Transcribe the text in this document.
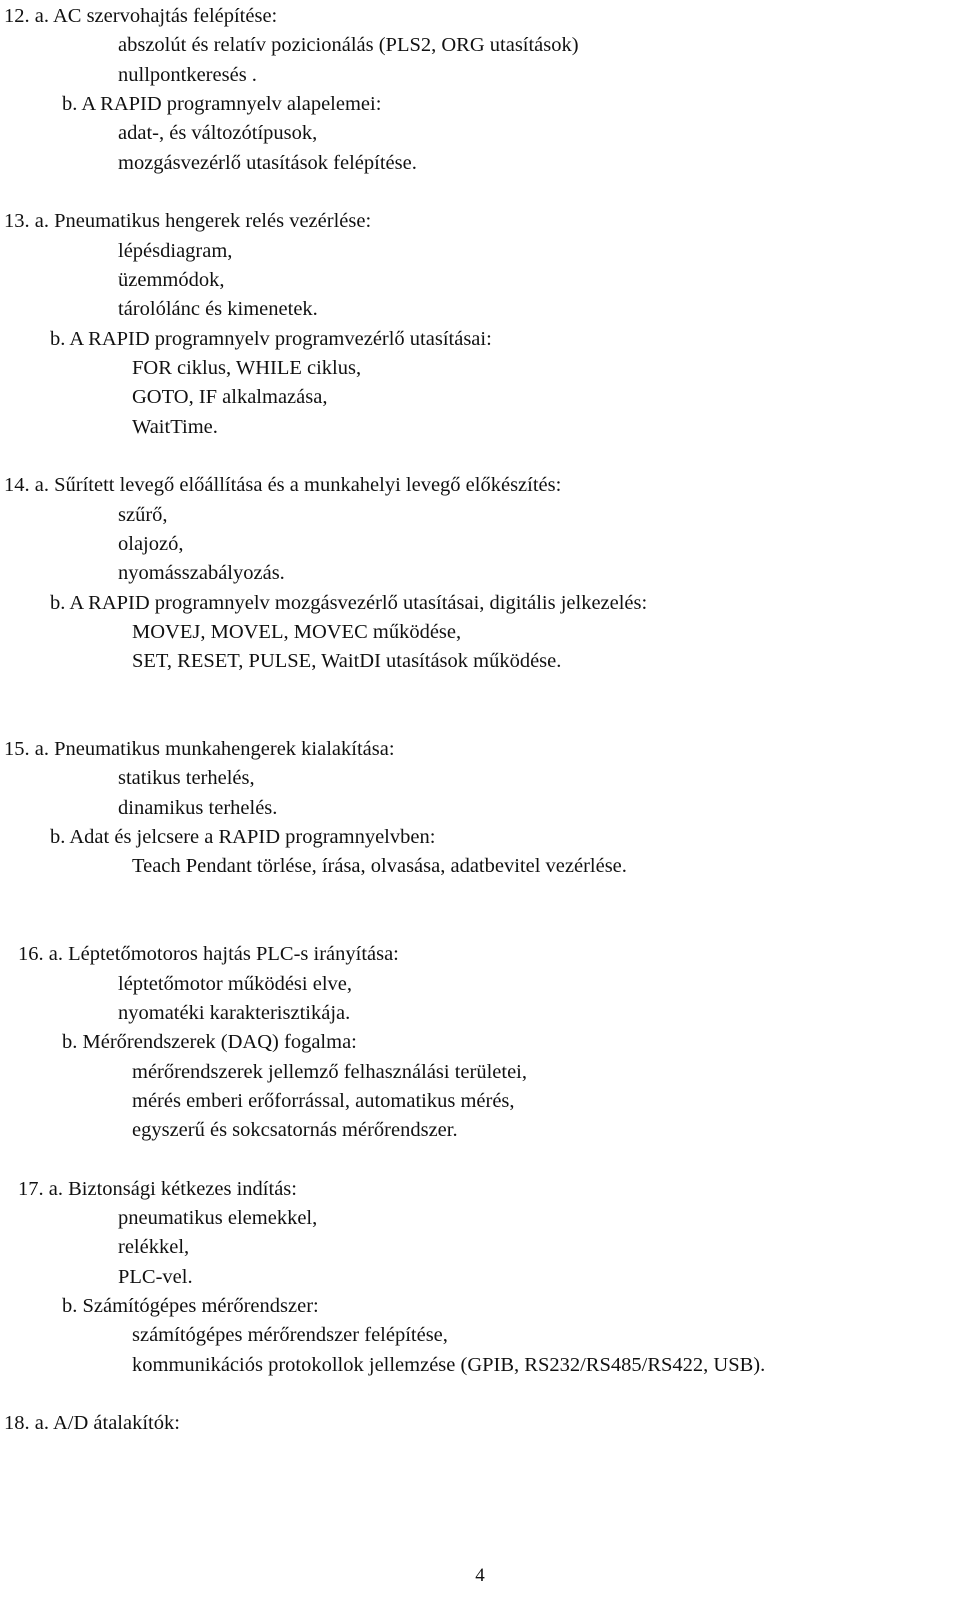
12. a. AC szervohajtás felépítése:
abszolút és relatív pozicionálás (PLS2, ORG utasítások)
nullpontkeresés .
b. A RAPID programnyelv alapelemei:
adat-, és változótípusok,
mozgásvezérlő utasítások felépítése.
13. a. Pneumatikus hengerek relés vezérlése:
lépésdiagram,
üzemmódok,
tárolólánc és kimenetek.
b. A RAPID programnyelv programvezérlő utasításai:
FOR ciklus, WHILE ciklus,
GOTO, IF alkalmazása,
WaitTime.
14. a. Sűrített levegő előállítása és a munkahelyi levegő előkészítés:
szűrő,
olajozó,
nyomásszabályozás.
b. A RAPID programnyelv mozgásvezérlő utasításai, digitális jelkezelés:
MOVEJ, MOVEL, MOVEC működése,
SET, RESET, PULSE, WaitDI utasítások működése.
15. a. Pneumatikus munkahengerek kialakítása:
statikus terhelés,
dinamikus terhelés.
b. Adat és jelcsere a RAPID programnyelvben:
Teach Pendant törlése, írása, olvasása, adatbevitel vezérlése.
16. a. Léptetőmotoros hajtás PLC-s irányítása:
léptetőmotor működési elve,
nyomatéki karakterisztikája.
b. Mérőrendszerek (DAQ) fogalma:
mérőrendszerek jellemző felhasználási területei,
mérés emberi erőforrással, automatikus mérés,
egyszerű és sokcsatornás mérőrendszer.
17. a. Biztonsági kétkezes indítás:
pneumatikus elemekkel,
relékkel,
PLC-vel.
b. Számítógépes mérőrendszer:
számítógépes mérőrendszer felépítése,
kommunikációs protokollok jellemzése (GPIB, RS232/RS485/RS422, USB).
18. a. A/D átalakítók:
4
